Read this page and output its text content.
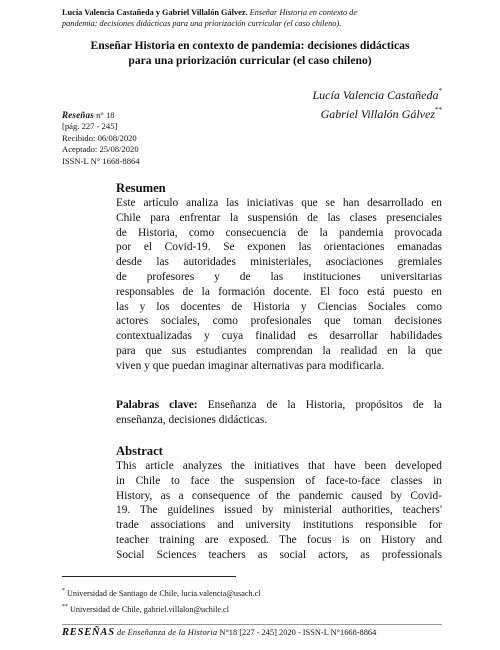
Lucía Valencia Castañeda y Gabriel Villalón Gálvez. Enseñar Historia en contexto de
pandemia: decisiones didácticas para una priorización curricular (el caso chileno).
Enseñar Historia en contexto de pandemia: decisiones didácticas
para una priorización curricular (el caso chileno)
Lucía Valencia Castañeda*
Gabriel Villalón Gálvez**
Reseñas n° 18
[pág. 227 - 245]
Recibido: 06/08/2020
Aceptado: 25/08/2020
ISSN-L N° 1668-8864
Resumen
Este artículo analiza las iniciativas que se han desarrollado en
Chile para enfrentar la suspensión de las clases presenciales
de Historia, como consecuencia de la pandemia provocada
por el Covid-19. Se exponen las orientaciones emanadas
desde las autoridades ministeriales, asociaciones gremiales
de profesores y de las instituciones universitarias
responsables de la formación docente. El foco está puesto en
las y los docentes de Historia y Ciencias Sociales como
actores sociales, como profesionales que toman decisiones
contextualizadas y cuya finalidad es desarrollar habilidades
para que sus estudiantes comprendan la realidad en la que
viven y que puedan imaginar alternativas para modificarla.
Palabras clave: Enseñanza de la Historia, propósitos de la
enseñanza, decisiones didácticas.
Abstract
This article analyzes the initiatives that have been developed
in Chile to face the suspension of face-to-face classes in
History, as a consequence of the pandemic caused by Covid-
19. The guidelines issued by ministerial authorities, teachers'
trade associations and university institutions responsible for
teacher training are exposed. The focus is on History and
Social Sciences teachers as social actors, as professionals
* Universidad de Santiago de Chile, lucia.valencia@usach.cl
** Universidad de Chile, gabriel.villalon@uchile.cl
RESEÑAS de Enseñanza de la Historia N°18 [227 - 245] 2020 - ISSN-L N°1668-8864
